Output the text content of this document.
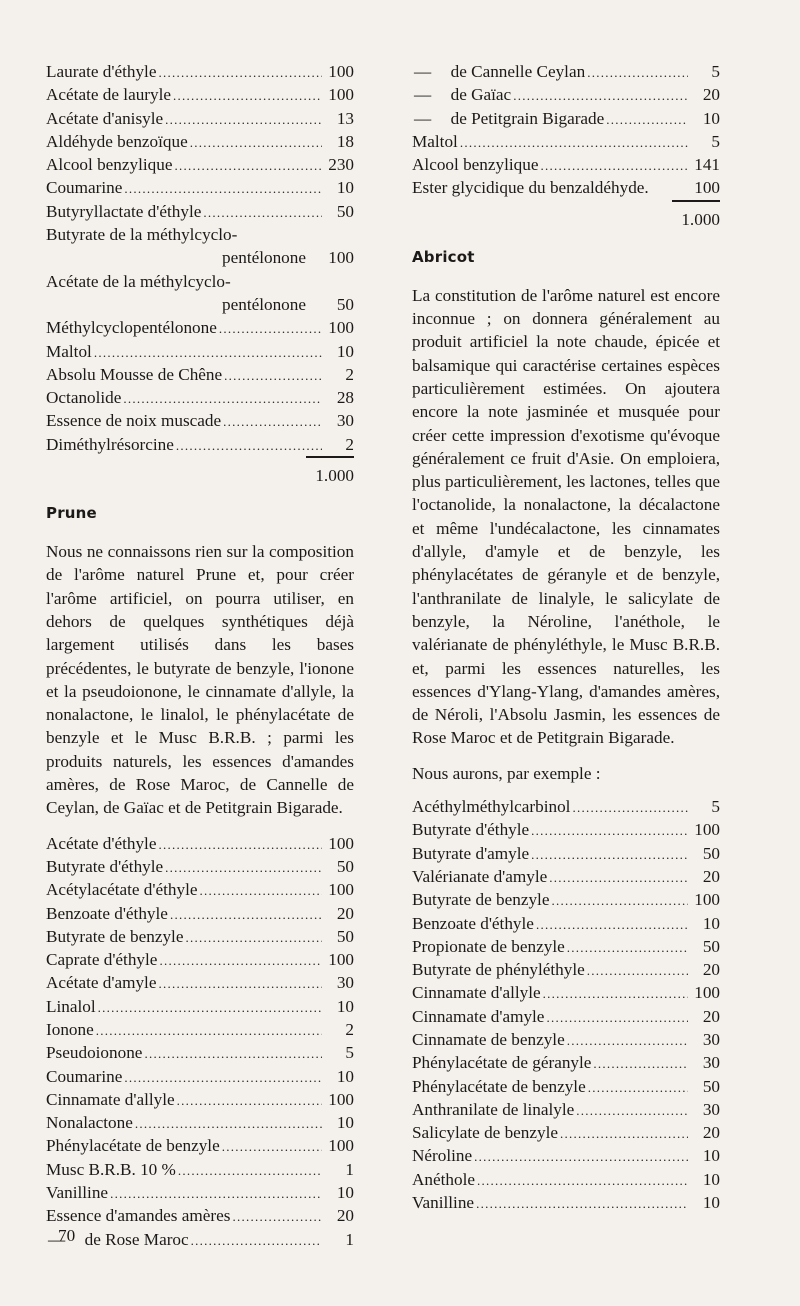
Laurate d'éthyle . . .	100
Acétate de lauryle . . .	100
Acétate d'anisyle . . .	13
Aldéhyde benzoïque . . .	18
Alcool benzylique . . .	230
Coumarine . . .	10
Butyryllactate d'éthyle . . .	50
Butyrate de la méthylcyclo-
pentélonone	100
Acétate de la méthylcyclo-
pentélonone	50
Méthylcyclopentélonone . . .	100
Maltol . . .	10
Absolu Mousse de Chêne . . .	2
Octanolide . . .	28
Essence de noix muscade . . .	30
Diméthylrésorcine . . .	2
1.000
Prune

Nous ne connaissons rien sur la composition de l'arôme naturel Prune et, pour créer l'arôme artificiel, on pourra utiliser, en dehors de quelques synthétiques déjà largement utilisés dans les bases précédentes, le butyrate de benzyle, l'ionone et la pseudoionone, le cinnamate d'allyle, la nonalactone, le linalol, le phénylacétate de benzyle et le Musc B.R.B. ; parmi les produits naturels, les essences d'amandes amères, de Rose Maroc, de Cannelle de Ceylan, de Gaïac et de Petitgrain Bigarade.

Acétate d'éthyle . . .	100
Butyrate d'éthyle . . .	50
Acétylacétate d'éthyle . . .	100
Benzoate d'éthyle . . .	20
Butyrate de benzyle . . .	50
Caprate d'éthyle . . .	100
Acétate d'amyle . . .	30
Linalol . . .	10
Ionone . . .	2
Pseudoionone . . .	5
Coumarine . . .	10
Cinnamate d'allyle . . .	100
Nonalactone . . .	10
Phénylacétate de benzyle . . .	100
Musc B.R.B. 10 % . . .	1
Vanilline . . .	10
Essence d'amandes amères . . .	20
—  de Rose Maroc . . .	1
—  de Cannelle Ceylan . . .	5
—  de Gaïac . . .	20
—  de Petitgrain Bigarade . . .	10
Maltol . . .	5
Alcool benzylique . . .	141
Ester glycidique du benzaldéhyde.	100
1.000
Abricot

La constitution de l'arôme naturel est encore inconnue ; on donnera généralement au produit artificiel la note chaude, épicée et balsamique qui caractérise certaines espèces particulièrement estimées. On ajoutera encore la note jasminée et musquée pour créer cette impression d'exotisme qu'évoque généralement ce fruit d'Asie. On emploiera, plus particulièrement, les lactones, telles que l'octanolide, la nonalactone, la décalactone et même l'undécalactone, les cinnamates d'allyle, d'amyle et de benzyle, les phénylacétates de géranyle et de benzyle, l'anthranilate de linalyle, le salicylate de benzyle, la Néroline, l'anéthole, le valérianate de phényléthyle, le Musc B.R.B. et, parmi les essences naturelles, les essences d'Ylang-Ylang, d'amandes amères, de Néroli, l'Absolu Jasmin, les essences de Rose Maroc et de Petitgrain Bigarade.

Nous aurons, par exemple :

Acéthylméthylcarbinol . . .	5
Butyrate d'éthyle . . .	100
Butyrate d'amyle . . .	50
Valérianate d'amyle . . .	20
Butyrate de benzyle . . .	100
Benzoate d'éthyle . . .	10
Propionate de benzyle . . .	50
Butyrate de phényléthyle . . .	20
Cinnamate d'allyle . . .	100
Cinnamate d'amyle . . .	20
Cinnamate de benzyle . . .	30
Phénylacétate de géranyle . . .	30
Phénylacétate de benzyle . . .	50
Anthranilate de linalyle . . .	30
Salicylate de benzyle . . .	20
Néroline . . .	10
Anéthole . . .	10
Vanilline . . .	10
70
